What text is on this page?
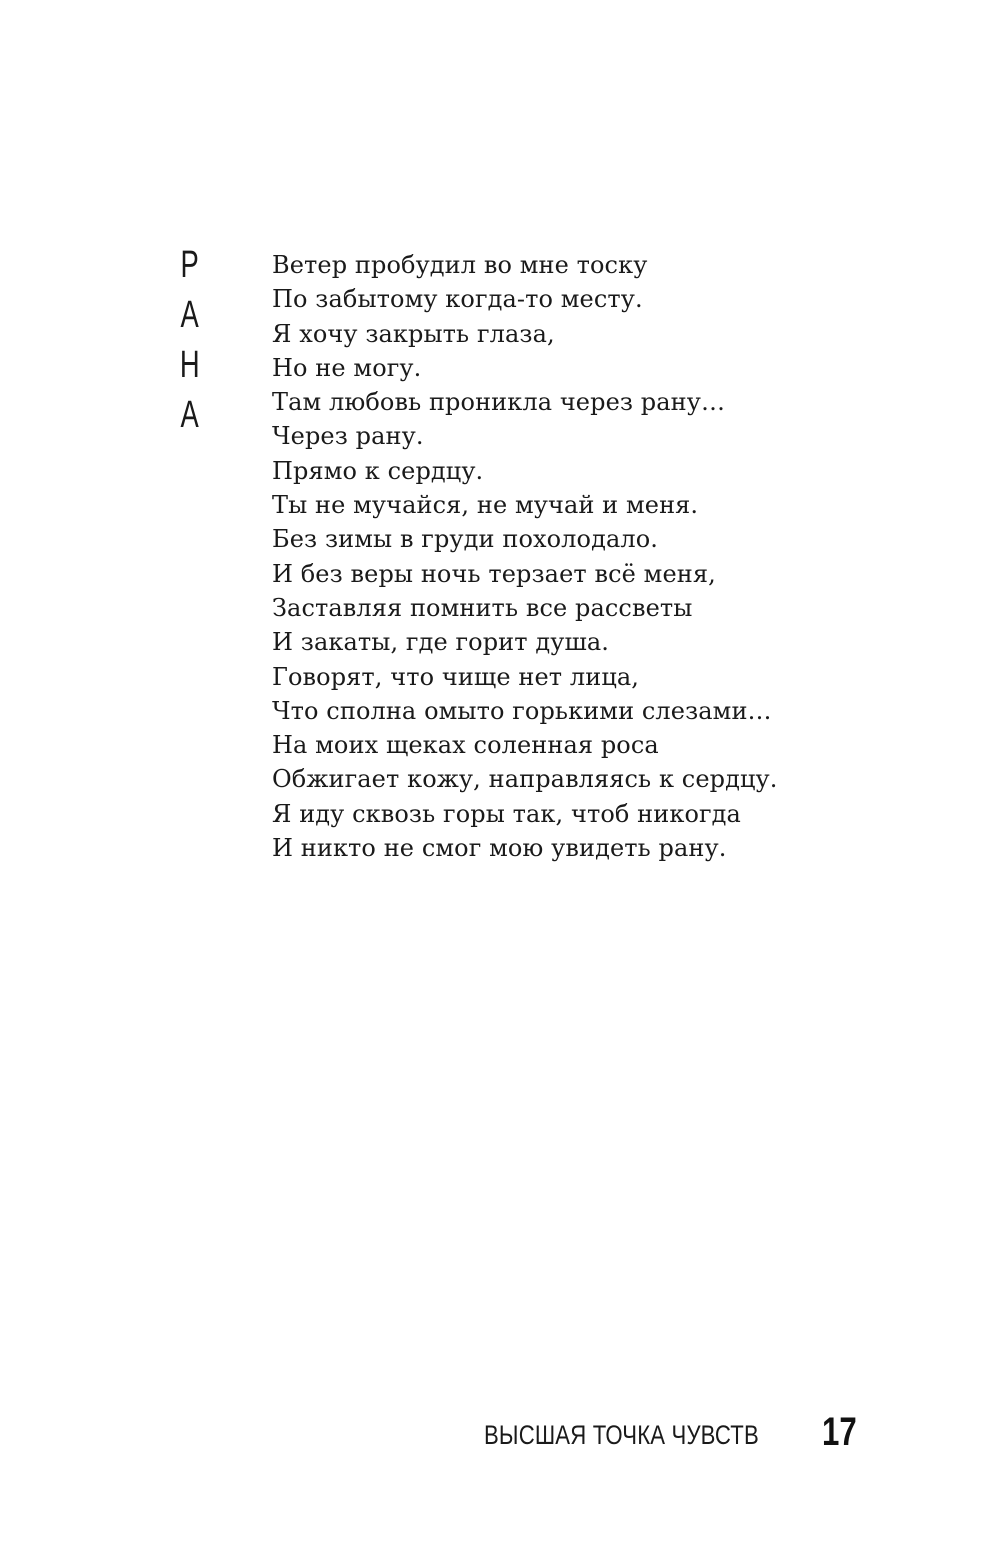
Р
А
Н
А
Ветер пробудил во мне тоску
По забытому когда-то месту.
Я хочу закрыть глаза,
Но не могу.
Там любовь проникла через рану…
Через рану.
Прямо к сердцу.
Ты не мучайся, не мучай и меня.
Без зимы в груди похолодало.
И без веры ночь терзает всё меня,
Заставляя помнить все рассветы
И закаты, где горит душа.
Говорят, что чище нет лица,
Что сполна омыто горькими слезами…
На моих щеках соленная роса
Обжигает кожу, направляясь к сердцу.
Я иду сквозь горы так, чтоб никогда
И никто не смог мою увидеть рану.
ВЫСШАЯ ТОЧКА ЧУВСТВ 17
